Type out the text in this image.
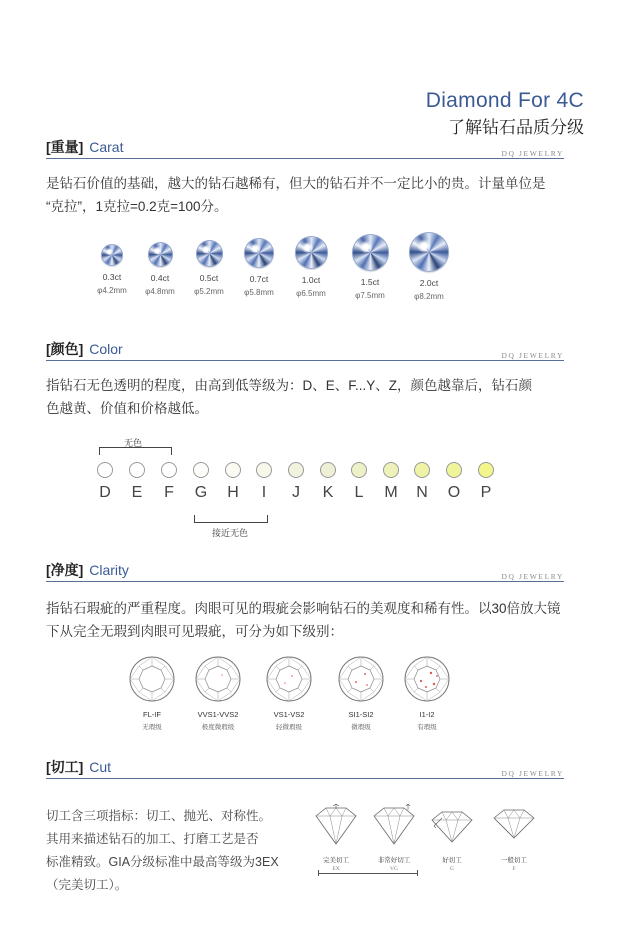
Diamond For 4C
了解钻石品质分级
[重量] Carat	DQ JEWELRY
是钻石价值的基础，越大的钻石越稀有，但大的钻石并不一定比小的贵。计量单位是
“克拉”，1克拉=0.2克=100分。
0.3ct
φ4.2mm
0.4ct
φ4.8mm
0.5ct
φ5.2mm
0.7ct
φ5.8mm
1.0ct
φ6.5mm
1.5ct
φ7.5mm
2.0ct
φ8.2mm
[颜色] Color	DQ JEWELRY
指钻石无色透明的程度，由高到低等级为：D、E、F...Y、Z，颜色越靠后，钻石颜
色越黄、价值和价格越低。
无色
D E	F	G H	I	J	K	L	M N O P
接近无色
[净度] Clarity	DQ JEWELRY
指钻石瑕疵的严重程度。肉眼可见的瑕疵会影响钻石的美观度和稀有性。以30倍放大镜
下从完全无瑕到肉眼可见瑕疵，可分为如下级别：
FL-IF
无瑕级
VVS1-VVS2
极度微瑕级
VS1-VS2
轻微瑕级
SI1-SI2
微瑕级
I1-I2
有瑕级
[切工] Cut	DQ JEWELRY
切工含三项指标：切工、抛光、对称性。
其用来描述钻石的加工、打磨工艺是否
标准精致。GIA分级标准中最高等级为3EX
（完美切工）。
完美切工
EX
非常好切工
VG
好切工
G
一般切工
F
